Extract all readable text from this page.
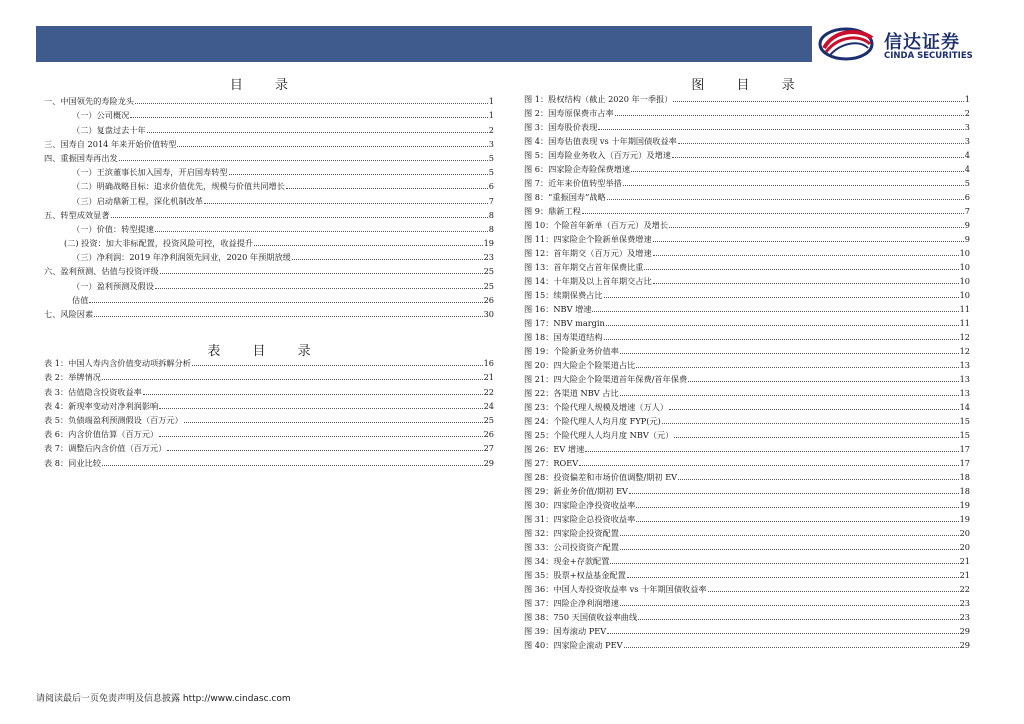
信达证券
CINDA SECURITIES
目 录
一、中国领先的寿险龙头	1
（一）公司概况	1
（二）复盘过去十年	2
三、国寿自 2014 年来开始价值转型	3
四、重振国寿再出发	5
（一）王滨董事长加入国寿，开启国寿转型	5
（二）明确战略目标：追求价值优先，规模与价值共同增长	6
（三）启动鼎新工程，深化机制改革	7
五、转型成效显著	8
（一）价值：转型提速	8
(二) 投资：加大非标配置，投资风险可控，收益提升	19
（三）净利润：2019 年净利润领先同业，2020 年预期放缓	23
六、盈利预测、估值与投资评级	25
（一）盈利预测及假设	25
估值	26
七、风险因素	30
表 目 录
表 1：中国人寿内含价值变动项拆解分析	16
表 2：举牌情况	21
表 3：估值隐含投资收益率	22
表 4：新现率变动对净利润影响	24
表 5：负债端盈利预测假设（百万元）	25
表 6：内含价值估算（百万元）	26
表 7：调整后内含价值（百万元）	27
表 8：同业比较	29
图 目 录
图 1：股权结构（截止 2020 年一季报）	1
图 2：国寿原保费市占率	2
图 3：国寿股价表现	3
图 4：国寿估值表现 vs 十年期国债收益率	3
图 5：国寿险业务收入（百万元）及增速	4
图 6：四家险企寿险保费增速	4
图 7：近年来价值转型举措	5
图 8：“重振国寿”战略	6
图 9：鼎新工程	7
图 10：个险首年新单（百万元）及增长	9
图 11：四家险企个险新单保费增速	9
图 12：首年期交（百万元）及增速	10
图 13：首年期交占首年保费比重	10
图 14：十年期及以上首年期交占比	10
图 15：续期保费占比	10
图 16：NBV 增速	11
图 17：NBV margin	11
图 18：国寿渠道结构	12
图 19：个险新业务价值率	12
图 20：四大险企个险渠道占比	13
图 21：四大险企个险渠道首年保费/首年保费	13
图 22：各渠道 NBV 占比	13
图 23：个险代理人规模及增速（万人）	14
图 24：个险代理人人均月度 FYP(元)	15
图 25：个险代理人人均月度 NBV（元）	15
图 26：EV 增速	17
图 27：ROEV	17
图 28：投资偏差和市场价值调整/期初 EV	18
图 29：新业务价值/期初 EV	18
图 30：四家险企净投资收益率	19
图 31：四家险企总投资收益率	19
图 32：四家险企投资配置	20
图 33：公司投资资产配置	20
图 34：现金+存款配置	21
图 35：股票+权益基金配置	21
图 36：中国人寿投资收益率 vs 十年期国债收益率	22
图 37：四险企净利润增速	23
图 38：750 天国债收益率曲线	23
图 39：国寿滚动 PEV	29
图 40：四家险企滚动 PEV	29
请阅读最后一页免责声明及信息披露 http://www.cindasc.com
